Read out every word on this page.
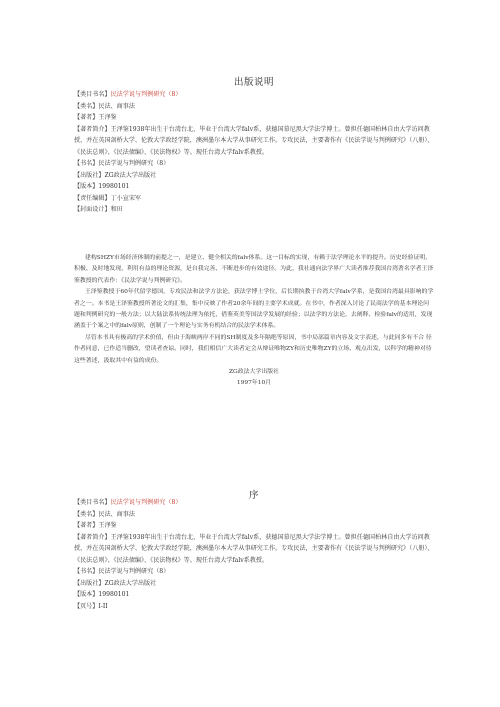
出版说明
【类目书名】民法学说与判例研究（8）
【类名】民法、商事法
【著者】王泽鉴
【著者简介】王泽鉴1938年出生于台湾台北，毕业于台湾大学falv系，获德国慕尼黑大学法学博士。曾担任德国柏林自由大学访问教授，并在英国剑桥大学、伦敦大学政经学院，澳洲墨尔本大学从事研究工作。专攻民法，主要著作有《民法学说与判例研究》（八册）、《民法总则》、《民法债编》、《民法物权》等。现任台湾大学falv系教授。
【书名】民法学说与判例研究（8）
【出版社】ZG政法大学出版社
【版本】19980101
【责任编辑】丁小宣宋军
【封面设计】和田

建构SHZY市场经济体制的前提之一，是建立、健全相关的falv体系。这一目标的实现，有赖于法学理论水平的提升。历史经验证明，积极、及时地发现、利用有益的理论资源，是自我完善、不断进步的有效途径。为此，我社通向法学界广大读者推荐我国台湾著名学者王泽鉴教授的代表作：《民法学说与判例研究》。

王泽鉴教授于60年代留学德国，专攻民法和法学方法论，获法学博士学位，后长期执教于台湾大学falv学系，是我国台湾最具影响的学者之一。本书是王泽鉴教授所著论文的汇集，集中反映了作者20余年间的主要学术成就。在书中，作者深入讨论了民商法学的基本理论问题和判例研究的一般方法；以大陆法系传统法理为依托，借鉴英美等国法学发展的经验；以法学的方法论，去阐释、检验falv的适用，发现涵盖于个案之中的falv原则，创制了一个理论与实务有机结合的民法学术体系。

尽管本书具有极高的学术价值，但由于海峡两岸不同的SH制度及多年隔绝等原因，书中局部篇章内容及文字表述，与此同多有不合 径作者同意，已作适当删改，望读者查谅。同时，我们相信广大读者定会从辩证唯物ZY和历史唯物ZY的立场、观点出发，以科学的精神对待这些著述，汲取其中有益的成份。

ZG政法大学出版社

1997年10月

序
【类目书名】民法学说与判例研究（8）
【类名】民法、商事法
【著者】王泽鉴
【著者简介】王泽鉴1938年出生于台湾台北，毕业于台湾大学falv系，获德国慕尼黑大学法学博士。曾担任德国柏林自由大学访问教授，并在英国剑桥大学、伦敦大学政经学院，澳洲墨尔本大学从事研究工作。专攻民法，主要著作有《民法学说与判例研究》（八册）、《民法总则》、《民法债编》、《民法物权》等。现任台湾大学falv系教授。
【书名】民法学说与判例研究（8）
【出版社】ZG政法大学出版社
【版本】19980101
【页号】I-II
